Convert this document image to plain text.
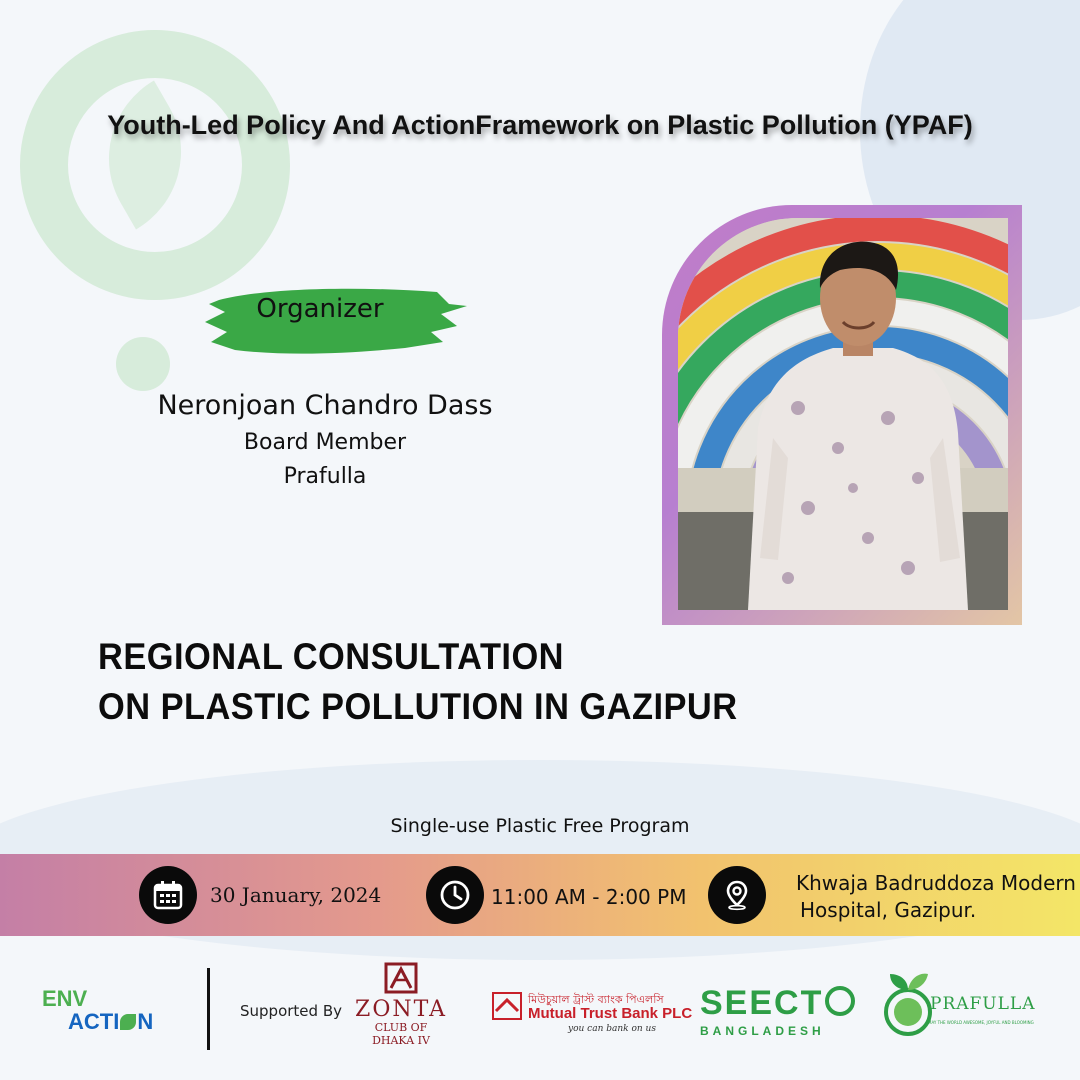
Youth-Led Policy And ActionFramework on Plastic Pollution (YPAF)
Organizer
Neronjoan Chandro Dass
Board Member
Prafulla
REGIONAL CONSULTATION
ON PLASTIC POLLUTION IN GAZIPUR
Single-use Plastic Free Program
30 January, 2024	11:00 AM - 2:00 PM
Khwaja Badruddoza Modern
Hospital, Gazipur.
ENV
ACTI N	Supported By ZONTA
CLUB OF
DHAKA IV
মিউচুয়াল ট্রাস্ট ব্যাংক পিএলসি
Mutual Trust Bank PLC
you can bank on us
SEECT
BANGLADESH
PRAFULLA
MAY THE WORLD AWESOME, JOYFUL AND BLOOMING
